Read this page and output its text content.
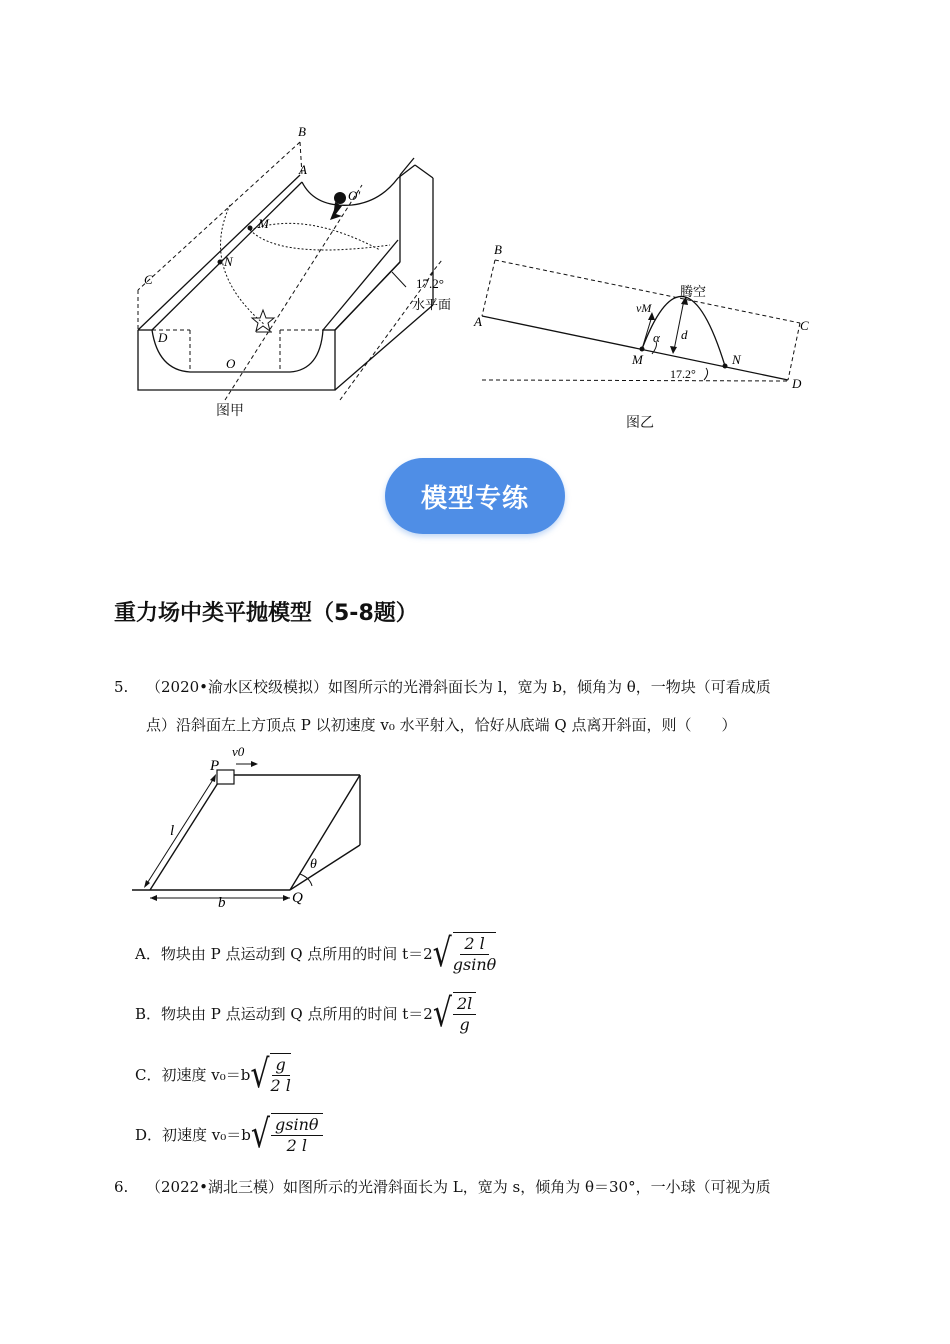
B
A
O′
M
N
C
D
O
17.2°
水平面
图甲
B
A	C
D
M	N
vM
α d
腾空
17.2°
图乙
模型专练
重力场中类平抛模型（5-8题）
5. （2020•渝水区校级模拟）如图所示的光滑斜面长为 l，宽为 b，倾角为 θ，一物块（可看成质
点）沿斜面左上方顶点 P 以初速度 v₀ 水平射入，恰好从底端 Q 点离开斜面，则（　　）
P
v0
l
θ
b	Q
A．物块由 P 点运动到 Q 点所用的时间 t＝2 √ $\frac{2 l}{gsin\theta}$
B．物块由 P 点运动到 Q 点所用的时间 t＝2 √ $\frac{2l}{g}$
C．初速度 v₀＝b √ $\frac{g}{2 l}$
D．初速度 v₀＝b √ $\frac{gsin\theta}{2 l}$
6. （2022•湖北三模）如图所示的光滑斜面长为 L，宽为 s，倾角为 θ＝30°，一小球（可视为质
